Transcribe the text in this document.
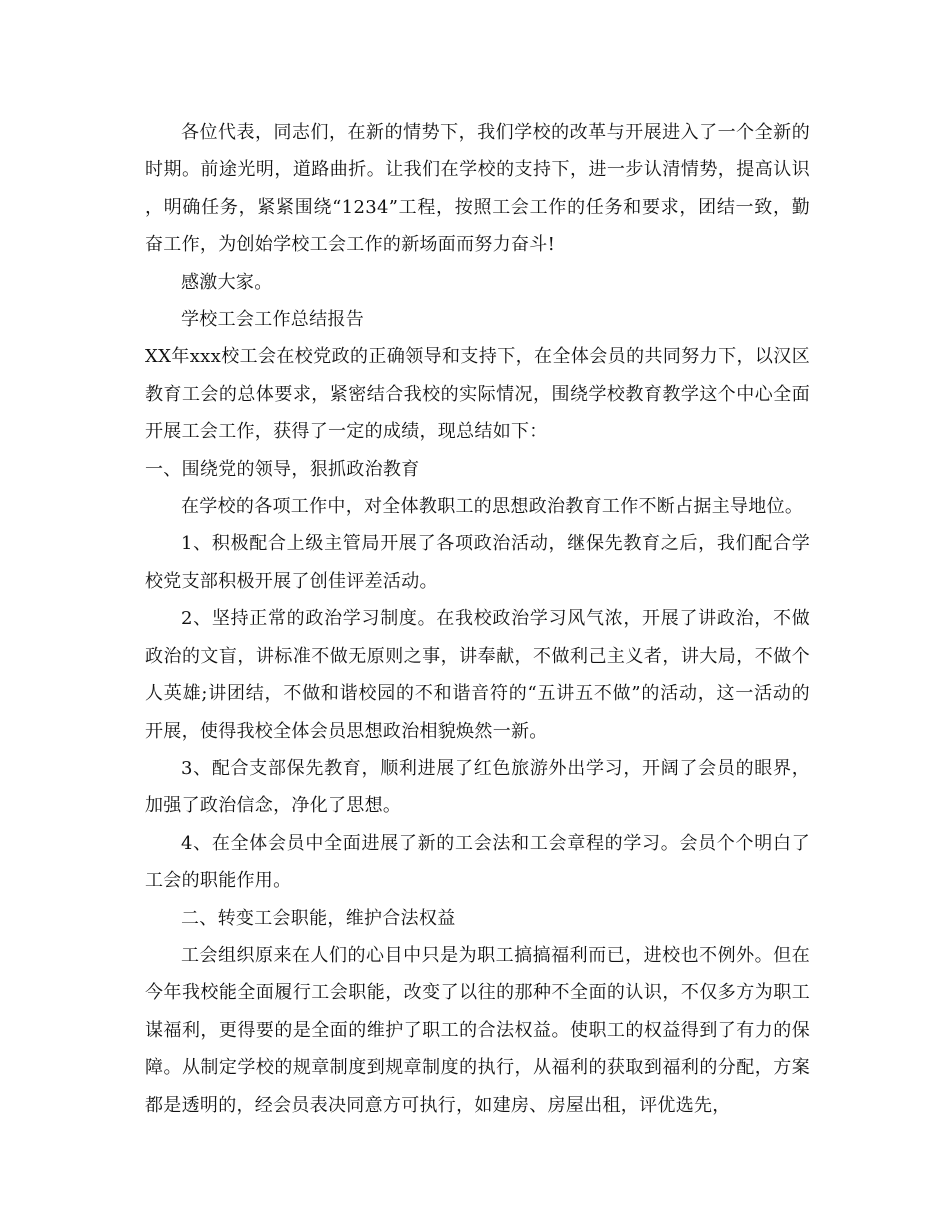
各位代表，同志们，在新的情势下，我们学校的改革与开展进入了一个全新的时期。前途光明，道路曲折。让我们在学校的支持下，进一步认清情势，提高认识，明确任务，紧紧围绕“1234”工程，按照工会工作的任务和要求，团结一致，勤奋工作，为创始学校工会工作的新场面而努力奋斗!

感激大家。

学校工会工作总结报告

XX年xxx校工会在校党政的正确领导和支持下，在全体会员的共同努力下，以汉区教育工会的总体要求，紧密结合我校的实际情况，围绕学校教育教学这个中心全面开展工会工作，获得了一定的成绩，现总结如下：

一、围绕党的领导，狠抓政治教育

在学校的各项工作中，对全体教职工的思想政治教育工作不断占据主导地位。

1、积极配合上级主管局开展了各项政治活动，继保先教育之后，我们配合学校党支部积极开展了创佳评差活动。

2、坚持正常的政治学习制度。在我校政治学习风气浓，开展了讲政治，不做政治的文盲，讲标准不做无原则之事，讲奉献，不做利己主义者，讲大局，不做个人英雄;讲团结，不做和谐校园的不和谐音符的“五讲五不做”的活动，这一活动的开展，使得我校全体会员思想政治相貌焕然一新。

3、配合支部保先教育，顺利进展了红色旅游外出学习，开阔了会员的眼界，加强了政治信念，净化了思想。

4、在全体会员中全面进展了新的工会法和工会章程的学习。会员个个明白了工会的职能作用。

二、转变工会职能，维护合法权益

工会组织原来在人们的心目中只是为职工搞搞福利而已，进校也不例外。但在今年我校能全面履行工会职能，改变了以往的那种不全面的认识，不仅多方为职工谋福利，更得要的是全面的维护了职工的合法权益。使职工的权益得到了有力的保障。从制定学校的规章制度到规章制度的执行，从福利的获取到福利的分配，方案都是透明的，经会员表决同意方可执行，如建房、房屋出租，评优选先，
